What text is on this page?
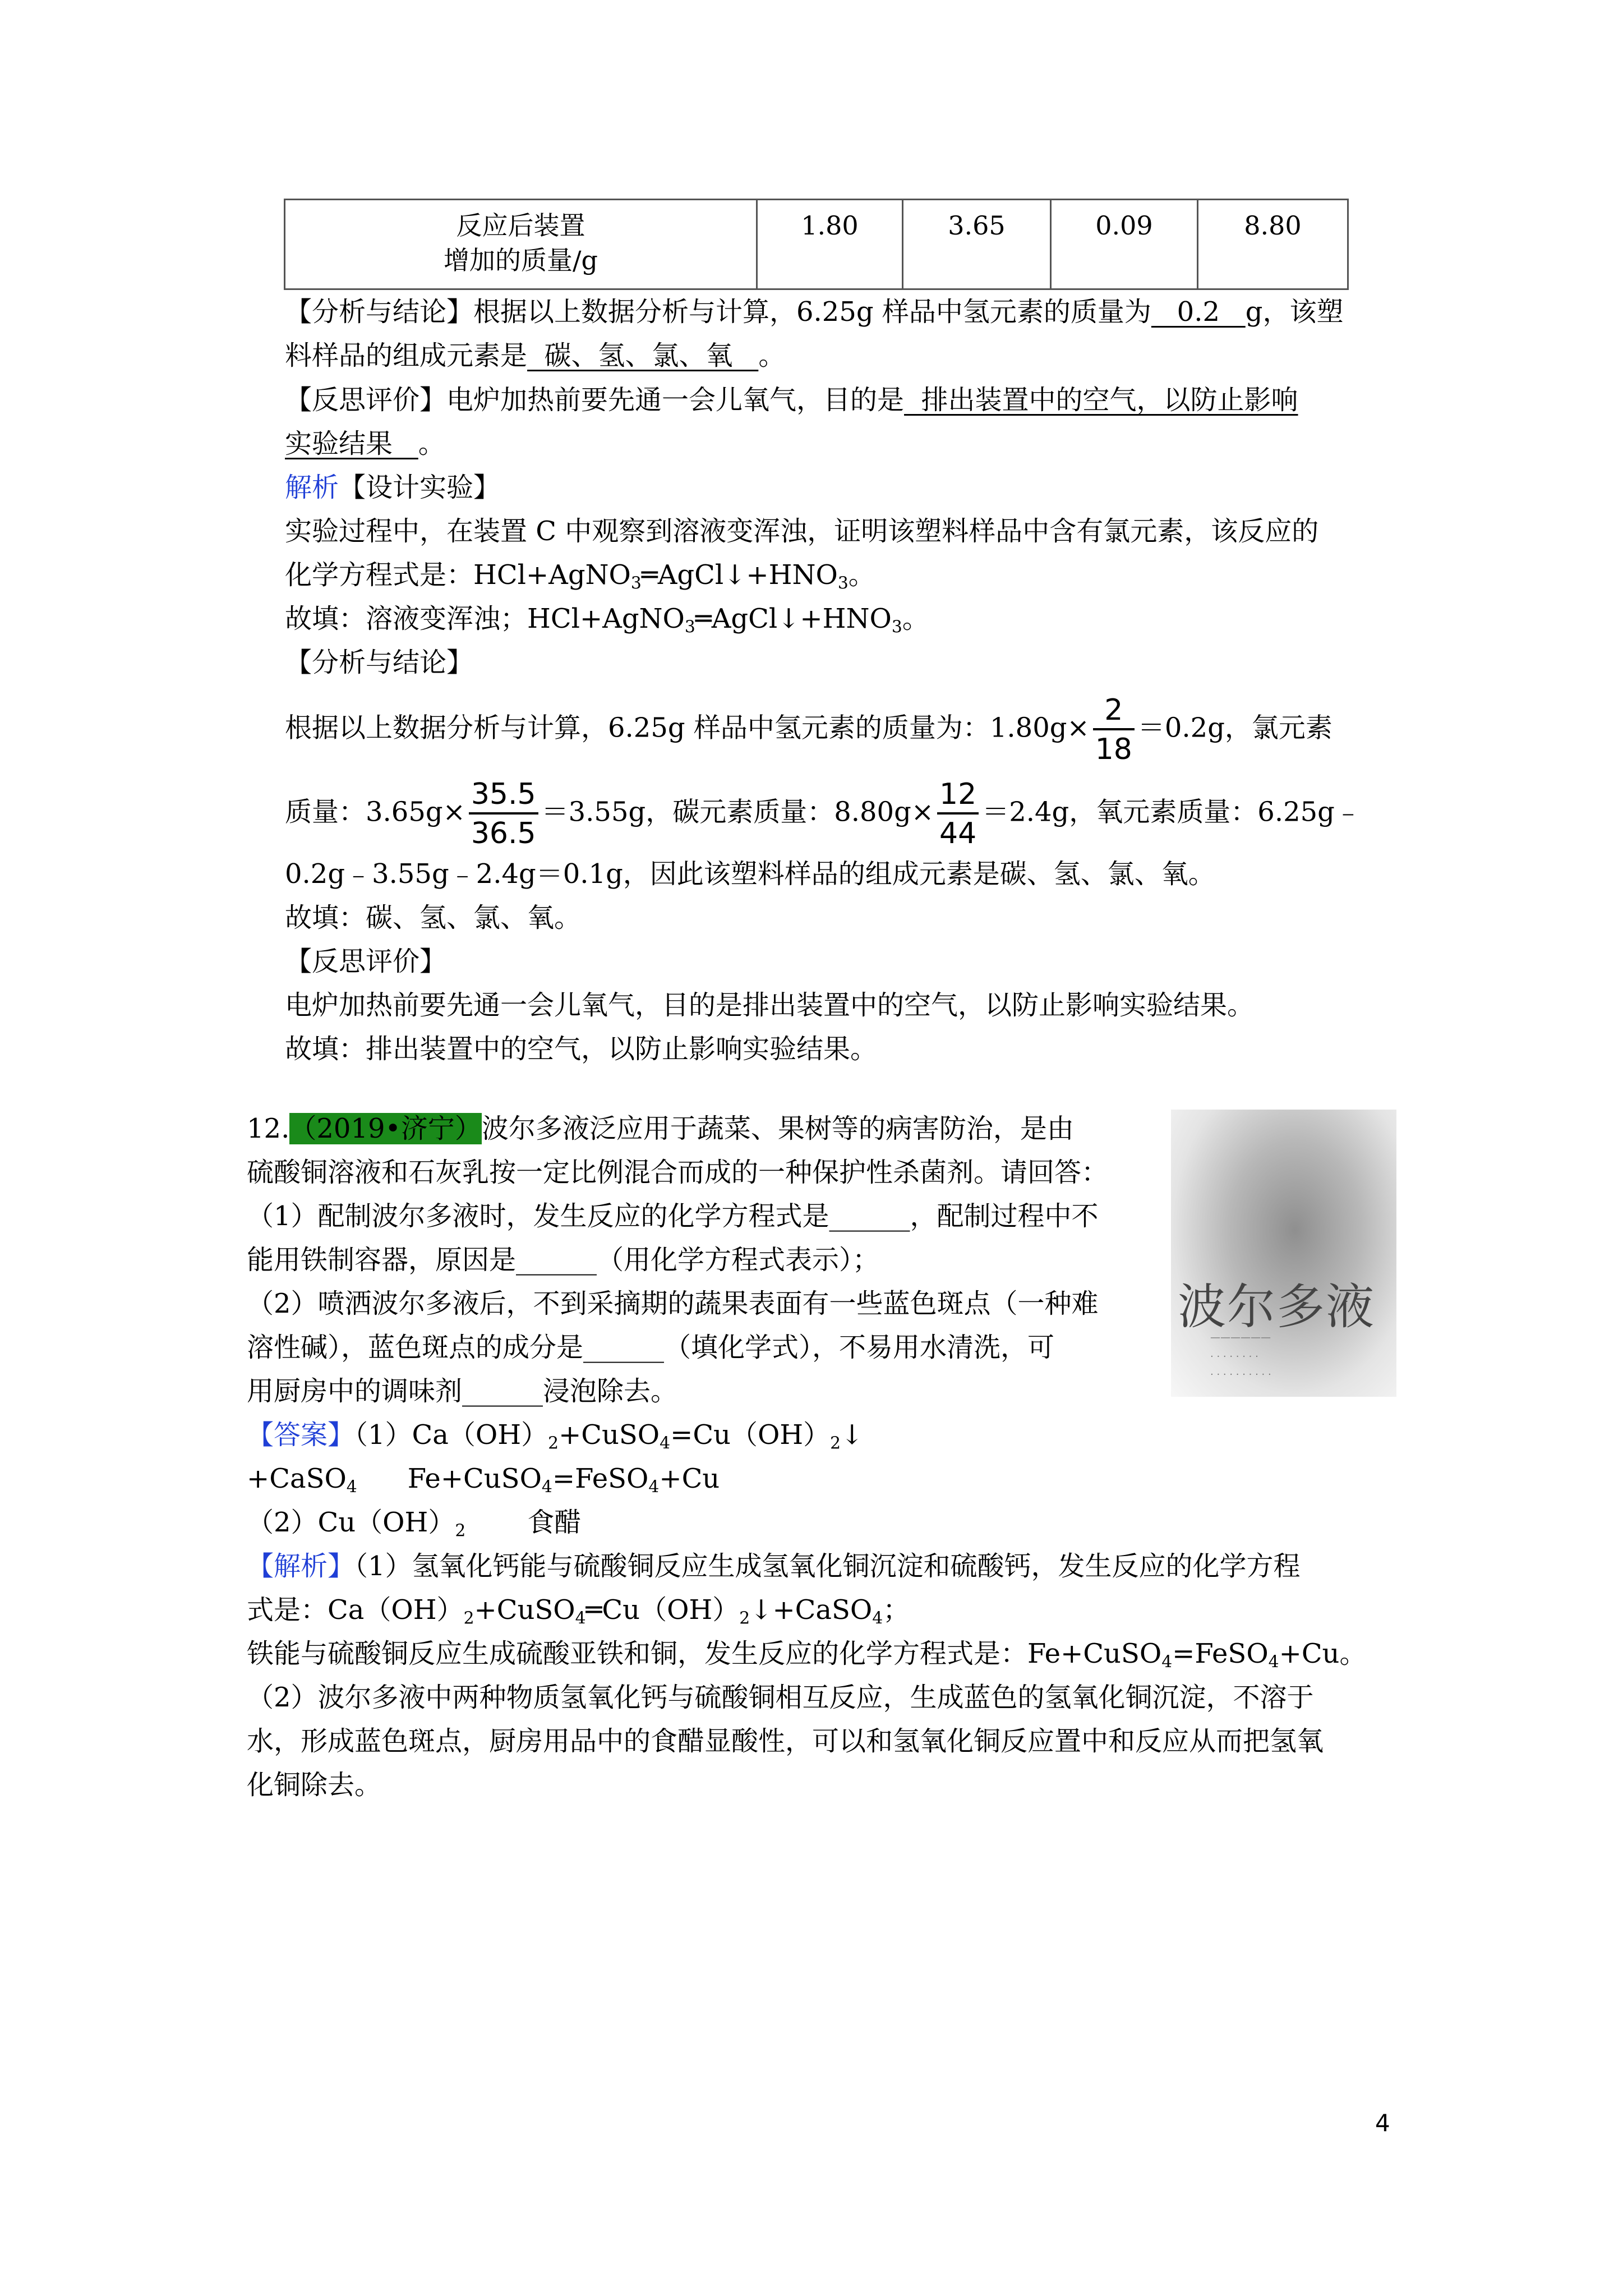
反应后装置
增加的质量/g	1.80	3.65	0.09	8.80
【分析与结论】根据以上数据分析与计算，6.25g 样品中氢元素的质量为   0.2   g，该塑
料样品的组成元素是  碳、氢、氯、氧   。
【反思评价】电炉加热前要先通一会儿氧气，目的是  排出装置中的空气，以防止影响
实验结果   。
解析【设计实验】
实验过程中，在装置 C 中观察到溶液变浑浊，证明该塑料样品中含有氯元素，该反应的
化学方程式是：$HCl+AgNO_3═AgCl↓+HNO_3$。
故填：溶液变浑浊；$HCl+AgNO_3═AgCl↓+HNO_3$。
【分析与结论】
根据以上数据分析与计算，6.25g 样品中氢元素的质量为：$1.80g\times \frac{2}{18} =0.2g$，氯元素
质量：$3.65g\times \frac{35.5}{36.5} =3.55g$，碳元素质量：$8.80g\times \frac{12}{44} =2.4g$，氧元素质量：6.25g﹣
0.2g﹣3.55g﹣2.4g＝0.1g，因此该塑料样品的组成元素是碳、氢、氯、氧。
故填：碳、氢、氯、氧。
【反思评价】
电炉加热前要先通一会儿氧气，目的是排出装置中的空气，以防止影响实验结果。
故填：排出装置中的空气，以防止影响实验结果。
12.（2019•济宁）波尔多液泛应用于蔬菜、果树等的病害防治，是由
硫酸铜溶液和石灰乳按一定比例混合而成的一种保护性杀菌剂。请回答：
（1）配制波尔多液时，发生反应的化学方程式是______，配制过程中不
能用铁制容器，原因是______（用化学方程式表示）；
（2）喷洒波尔多液后，不到采摘期的蔬果表面有一些蓝色斑点（一种难
溶性碱），蓝色斑点的成分是______（填化学式），不易用水清洗，可
用厨房中的调味剂______浸泡除去。
波尔多液
——————
· · · · · · · ·
· · · · · · · · · ·
【答案】$(1)Ca(OH)_2+CuSO_4=Cu(OH)_2↓$
+CaSO$_4$ Fe+CuSO$_4$=FeSO$_4$+Cu
$(2)Cu(OH)_2$ 食醋
【解析】（1）氢氧化钙能与硫酸铜反应生成氢氧化铜沉淀和硫酸钙，发生反应的化学方程
式是：$Ca(OH)_2+CuSO_4═Cu(OH)_2↓+CaSO_4$；
铁能与硫酸铜反应生成硫酸亚铁和铜，发生反应的化学方程式是：Fe+CuSO$_4$=FeSO$_4$+Cu。
（2）波尔多液中两种物质氢氧化钙与硫酸铜相互反应，生成蓝色的氢氧化铜沉淀，不溶于
水，形成蓝色斑点，厨房用品中的食醋显酸性，可以和氢氧化铜反应置中和反应从而把氢氧
化铜除去。
4
